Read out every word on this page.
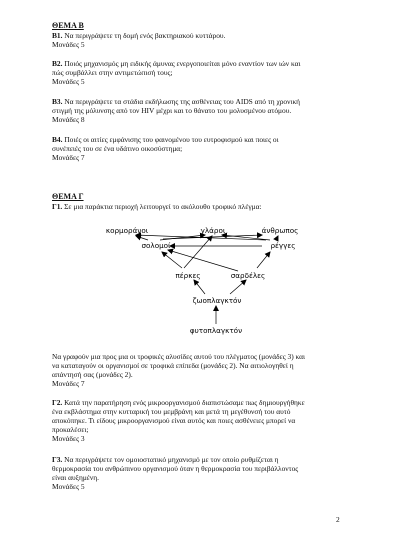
ΘΕΜΑ Β
Β1. Να περιγράψετε τη δομή ενός βακτηριακού κυττάρου.
Μονάδες 5
Β2. Ποιός μηχανισμός μη ειδικής άμυνας ενεργοποιείται μόνο εναντίον των ιών και
πώς συμβάλλει στην αντιμετώπισή τους;
Μονάδες 5
Β3. Να περιγράψετε τα στάδια εκδήλωσης της ασθένειας του AIDS από τη χρονική
στιγμή της μόλυνσης από τον HIV μέχρι και το θάνατο του μολυσμένου ατόμου.
Μονάδες 8
Β4. Ποιές οι αιτίες εμφάνισης του φαινομένου του ευτροφισμού και ποιες οι
συνέπειές του σε ένα υδάτινο οικοσύστημα;
Μονάδες 7
ΘΕΜΑ Γ
Γ1. Σε μια παράκτια περιοχή λειτουργεί το ακόλουθο τροφικό πλέγμα:
κορμοράνοι	γλάροι	άνθρωπος
σολομοί	ρέγγες
πέρκες	σαρδέλες
ζωοπλαγκτόν
φυτοπλαγκτόν
Να γραφούν μια προς μια οι τροφικές αλυσίδες αυτού του πλέγματος (μονάδες 3) και
να καταταγούν οι οργανισμοί σε τροφικά επίπεδα (μονάδες 2). Να αιτιολογηθεί η
απάντησή σας (μονάδες 2).
Μονάδες 7
Γ2. Κατά την παρατήρηση ενός μικροοργανισμού διαπιστώσαμε πως δημιουργήθηκε
ένα εκβλάστημα στην κυτταρική του μεμβράνη και μετά τη μεγέθυνσή του αυτό
αποκόπηκε. Τι είδους μικροοργανισμού είναι αυτός και ποιες ασθένειες μπορεί να
προκαλέσει;
Μονάδες 3
Γ3. Να περιγράψετε τον ομοιοστατικό μηχανισμό με τον οποίο ρυθμίζεται η
θερμοκρασία του ανθρώπινου οργανισμού όταν η θερμοκρασία του περιβάλλοντος
είναι αυξημένη.
Μονάδες 5
2
